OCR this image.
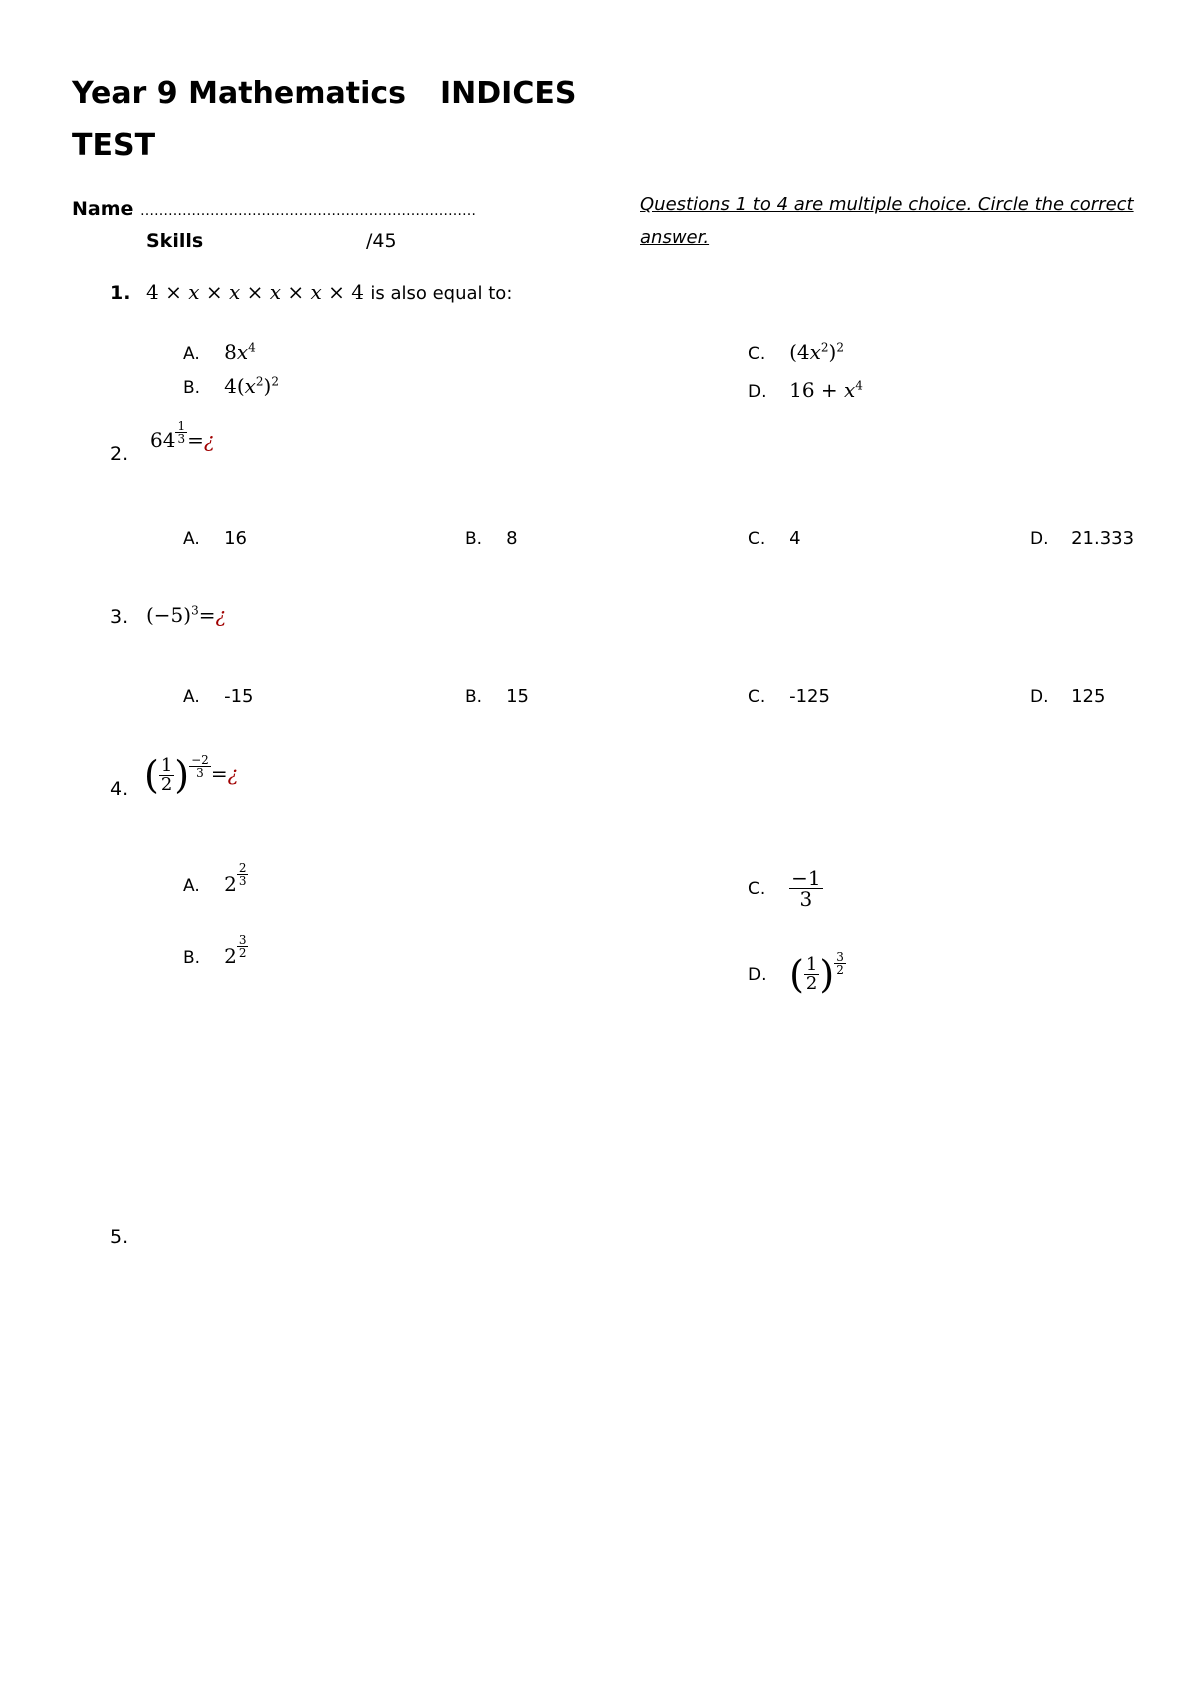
Year 9 Mathematics INDICES
TEST
Name ………………………………………………………………
Skills	/45
Questions 1 to 4 are multiple choice. Circle the correct answer.
1. 4 × x × x × x × x × 4 is also equal to:
A. $8x^4$
B. $4(x^2)^2$
C. $(4x^2)^2$
D. $16 + x^4$
2.
$64 \frac{1}{3}$ =¿
A. 16	B. 8	C. 4	D. 21.333
3. $(-5)^3=¿$
A. -15	B. 15	C. -125	D. 125
4. ( $\frac{1}{2}$ ) $\frac{-2}{3}$ =¿
A. $2 \frac{2}{3}$
B. $2 \frac{3}{2}$
C. $\frac{-1}{3}$
D. ( $\frac{1}{2}$ ) $\frac{3}{2}$
5.
